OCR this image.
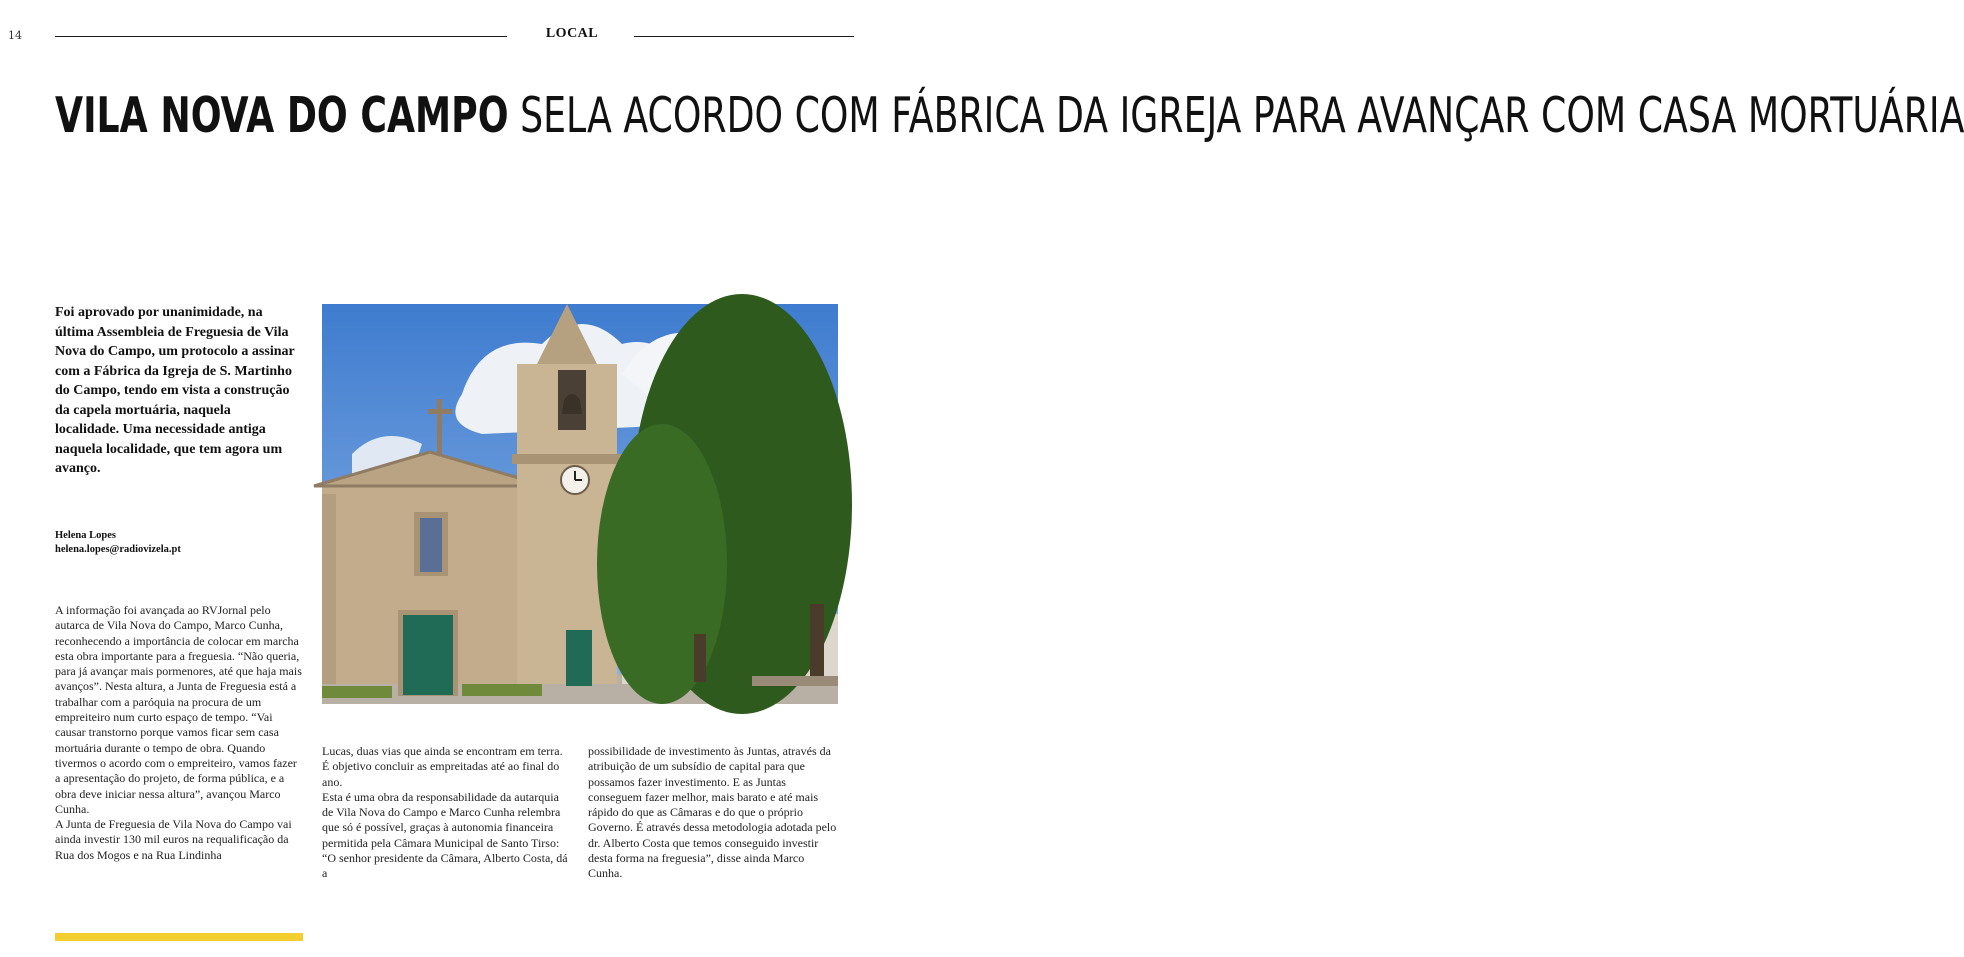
14	LOCAL
VILA NOVA DO CAMPO SELA ACORDO COM FÁBRICA DA IGREJA PARA AVANÇAR COM CASA MORTUÁRIA
Foi aprovado por unanimidade, na última Assembleia de Freguesia de Vila Nova do Campo, um protocolo a assinar com a Fábrica da Igreja de S. Martinho do Campo, tendo em vista a construção da capela mortuária, naquela localidade. Uma necessidade antiga naquela localidade, que tem agora um avanço.
Helena Lopes
helena.lopes@radiovizela.pt

A informação foi avançada ao RVJornal pelo autarca de Vila Nova do Campo, Marco Cunha, reconhecendo a importância de colocar em marcha esta obra importante para a freguesia. “Não queria, para já avançar mais pormenores, até que haja mais avanços”. Nesta altura, a Junta de Freguesia está a trabalhar com a paróquia na procura de um empreiteiro num curto espaço de tempo. “Vai causar transtorno porque vamos ficar sem casa mortuária durante o tempo de obra. Quando tivermos o acordo com o empreiteiro, vamos fazer a apresentação do projeto, de forma pública, e a obra deve iniciar nessa altura”, avançou Marco Cunha.

A Junta de Freguesia de Vila Nova do Campo vai ainda investir 130 mil euros na requalificação da Rua dos Mogos e na Rua Lindinha

Lucas, duas vias que ainda se encontram em terra. É objetivo concluir as empreitadas até ao final do ano.

Esta é uma obra da responsabilidade da autarquia de Vila Nova do Campo e Marco Cunha relembra que só é possível, graças à autonomia financeira permitida pela Câmara Municipal de Santo Tirso: “O senhor presidente da Câmara, Alberto Costa, dá a

possibilidade de investimento às Juntas, através da atribuição de um subsídio de capital para que possamos fazer investimento. E as Juntas conseguem fazer melhor, mais barato e até mais rápido do que as Câmaras e do que o próprio Governo. É através dessa metodologia adotada pelo dr. Alberto Costa que temos conseguido investir desta forma na freguesia”, disse ainda Marco Cunha.
